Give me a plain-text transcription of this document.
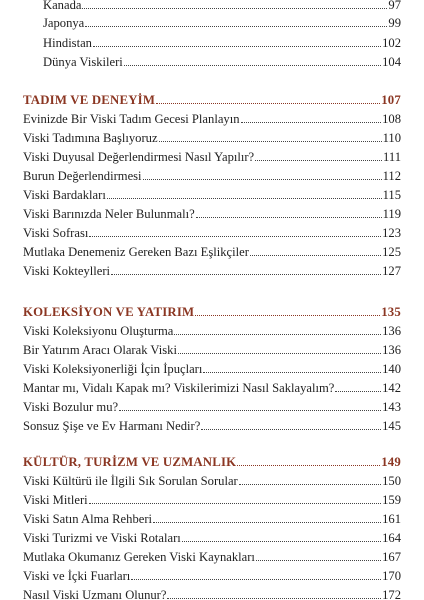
Kanada	97
Japonya	99
Hindistan	102
Dünya Viskileri	104
TADIM VE DENEYİM	107
Evinizde Bir Viski Tadım Gecesi Planlayın	108
Viski Tadımına Başlıyoruz	110
Viski Duyusal Değerlendirmesi Nasıl Yapılır?	111
Burun Değerlendirmesi	112
Viski Bardakları	115
Viski Barınızda Neler Bulunmalı?	119
Viski Sofrası	123
Mutlaka Denemeniz Gereken Bazı Eşlikçiler	125
Viski Kokteylleri	127
KOLEKSİYON VE YATIRIM	135
Viski Koleksiyonu Oluşturma	136
Bir Yatırım Aracı Olarak Viski	136
Viski Koleksiyonerliği İçin İpuçları	140
Mantar mı, Vidalı Kapak mı? Viskilerimizi Nasıl Saklayalım?	142
Viski Bozulur mu?	143
Sonsuz Şişe ve Ev Harmanı Nedir?	145
KÜLTÜR, TURİZM VE UZMANLIK	149
Viski Kültürü ile İlgili Sık Sorulan Sorular	150
Viski Mitleri	159
Viski Satın Alma Rehberi	161
Viski Turizmi ve Viski Rotaları	164
Mutlaka Okumanız Gereken Viski Kaynakları	167
Viski ve İçki Fuarları	170
Nasıl Viski Uzmanı Olunur?	172
